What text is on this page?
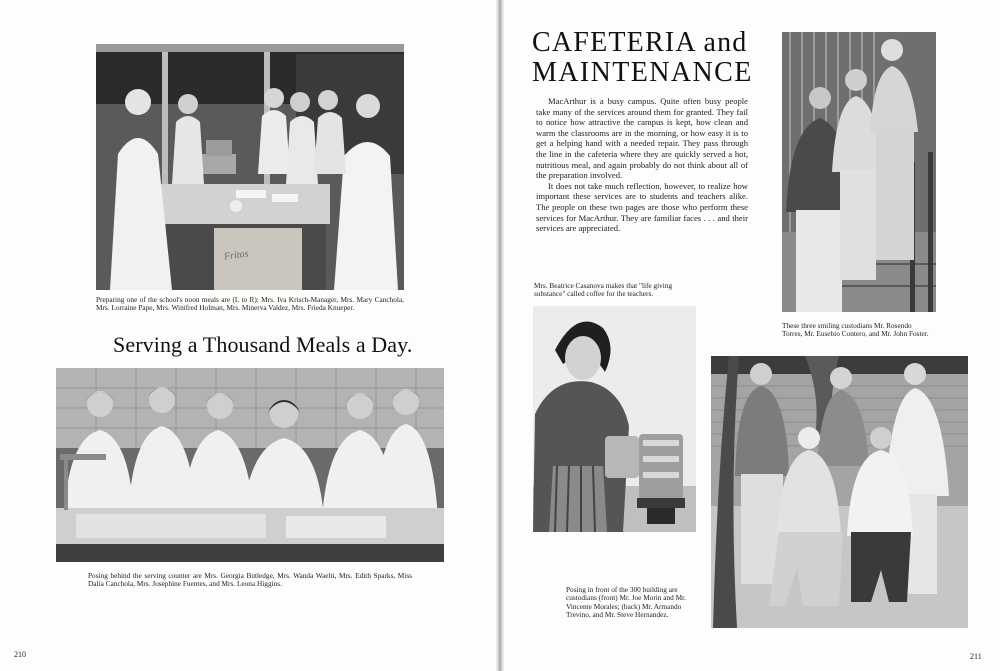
Fritos
Preparing one of the school's noon meals are (L to R): Mrs. Iva Krisch-Manager, Mrs. Mary Canchola, Mrs. Lorraine Pape, Mrs. Winifred Holman, Mrs. Minerva Valdez, Mrs. Frieda Knueper.
Serving a Thousand Meals a Day.
Posing behind the serving counter are Mrs. Georgia Butledge, Mrs. Wanda Waelti, Mrs. Edith Sparks, Miss Dalia Canchola, Mrs. Josephine Fuentes, and Mrs. Leona Higgins.
210
CAFETERIA and
MAINTENANCE

MacArthur is a busy campus. Quite often busy people take many of the services around them for granted. They fail to notice how attractive the campus is kept, how clean and warm the classrooms are in the morning, or how easy it is to get a helping hand with a needed repair. They pass through the line in the cafeteria where they are quickly served a hot, nutritious meal, and again probably do not think about all of the preparation involved.

It does not take much reflection, however, to realize how important these services are to students and teachers alike. The people on these two pages are those who perform these services for MacArthur. They are familiar faces . . . and their services are appreciated.

These three smiling custodians Mr. Rosendo Torres, Mr. Eusebio Contero, and Mr. John Foster.
Mrs. Beatrice Casanova makes that "life giving substance" called coffee for the teachers.
Posing in front of the 300 building are custodians (front) Mr. Joe Morin and Mr. Vincente Morales; (back) Mr. Armando Trevino, and Mr. Steve Hernandez.
211
